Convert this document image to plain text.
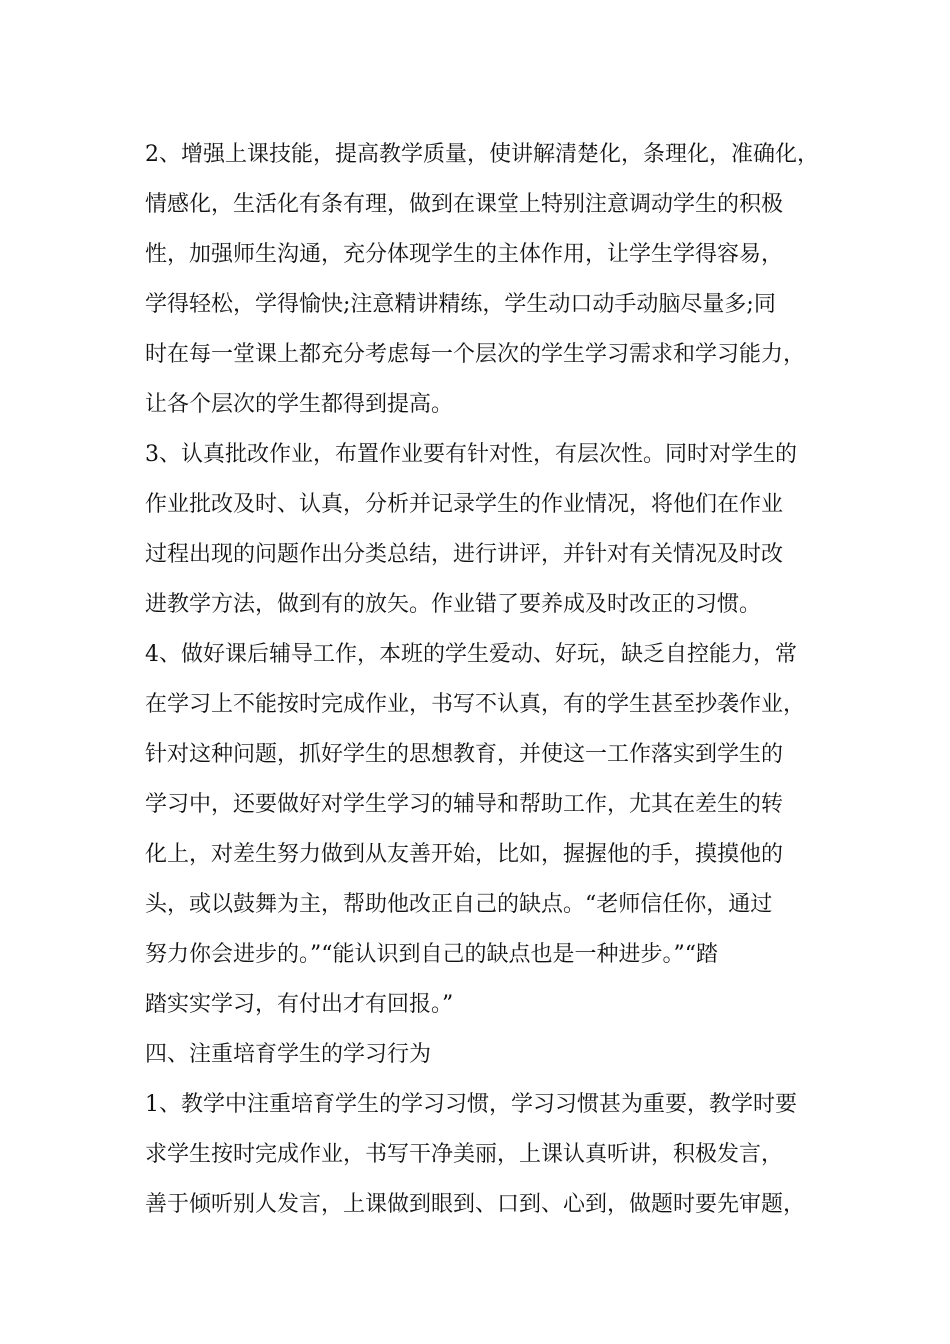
2、增强上课技能，提高教学质量，使讲解清楚化，条理化，准确化，
情感化，生活化有条有理，做到在课堂上特别注意调动学生的积极
性，加强师生沟通，充分体现学生的主体作用，让学生学得容易，
学得轻松，学得愉快;注意精讲精练，学生动口动手动脑尽量多;同
时在每一堂课上都充分考虑每一个层次的学生学习需求和学习能力，
让各个层次的学生都得到提高。
3、认真批改作业，布置作业要有针对性，有层次性。同时对学生的
作业批改及时、认真，分析并记录学生的作业情况，将他们在作业
过程出现的问题作出分类总结，进行讲评，并针对有关情况及时改
进教学方法，做到有的放矢。作业错了要养成及时改正的习惯。
4、做好课后辅导工作，本班的学生爱动、好玩，缺乏自控能力，常
在学习上不能按时完成作业，书写不认真，有的学生甚至抄袭作业，
针对这种问题，抓好学生的思想教育，并使这一工作落实到学生的
学习中，还要做好对学生学习的辅导和帮助工作，尤其在差生的转
化上，对差生努力做到从友善开始，比如，握握他的手，摸摸他的
头，或以鼓舞为主，帮助他改正自己的缺点。“老师信任你，通过
努力你会进步的。”“能认识到自己的缺点也是一种进步。”“踏
踏实实学习，有付出才有回报。”
四、注重培育学生的学习行为
1、教学中注重培育学生的学习习惯，学习习惯甚为重要，教学时要
求学生按时完成作业，书写干净美丽，上课认真听讲，积极发言，
善于倾听别人发言，上课做到眼到、口到、心到，做题时要先审题，
